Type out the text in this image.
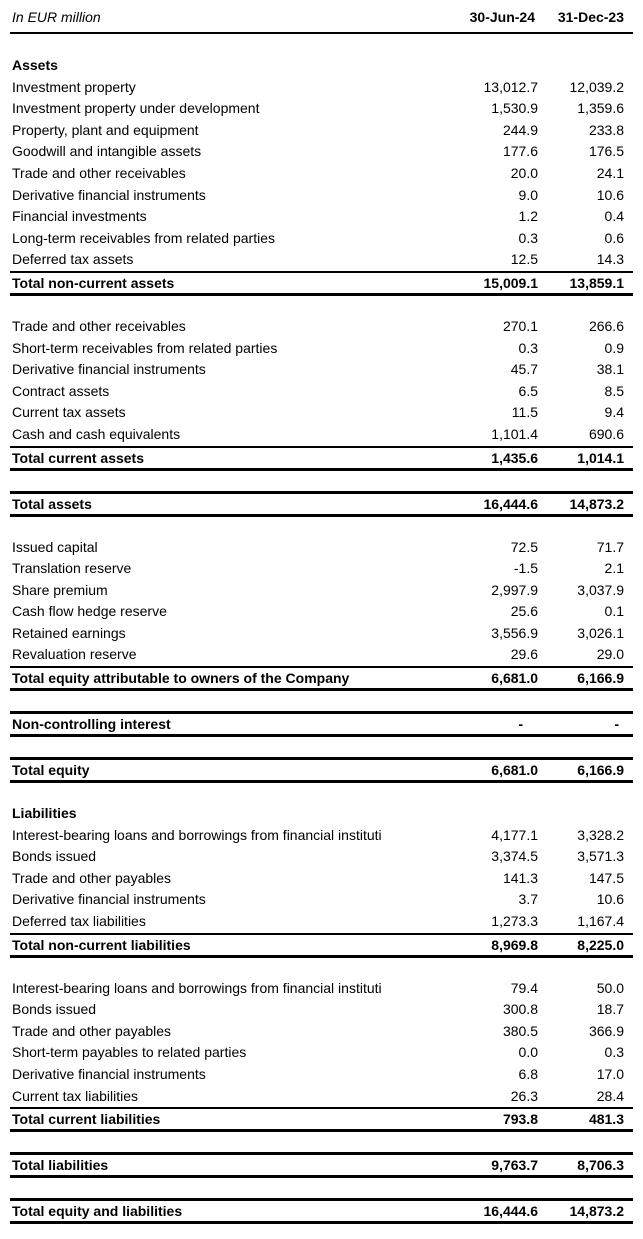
In EUR million	30-Jun-24 31-Dec-23
Assets
Investment property	13,012.7	12,039.2
Investment property under development	1,530.9	1,359.6
Property, plant and equipment	244.9	233.8
Goodwill and intangible assets	177.6	176.5
Trade and other receivables	20.0	24.1
Derivative financial instruments	9.0	10.6
Financial investments	1.2	0.4
Long-term receivables from related parties	0.3	0.6
Deferred tax assets	12.5	14.3
Total non-current assets	15,009.1	13,859.1
Trade and other receivables	270.1	266.6
Short-term receivables from related parties	0.3	0.9
Derivative financial instruments	45.7	38.1
Contract assets	6.5	8.5
Current tax assets	11.5	9.4
Cash and cash equivalents	1,101.4	690.6
Total current assets	1,435.6	1,014.1
Total assets	16,444.6	14,873.2
Issued capital	72.5	71.7
Translation reserve	-1.5	2.1
Share premium	2,997.9	3,037.9
Cash flow hedge reserve	25.6	0.1
Retained earnings	3,556.9	3,026.1
Revaluation reserve	29.6	29.0
Total equity attributable to owners of the Company	6,681.0	6,166.9
Non-controlling interest	-	-
Total equity	6,681.0	6,166.9
Liabilities
Interest-bearing loans and borrowings from financial instituti	4,177.1	3,328.2
Bonds issued	3,374.5	3,571.3
Trade and other payables	141.3	147.5
Derivative financial instruments	3.7	10.6
Deferred tax liabilities	1,273.3	1,167.4
Total non-current liabilities	8,969.8	8,225.0
Interest-bearing loans and borrowings from financial instituti	79.4	50.0
Bonds issued	300.8	18.7
Trade and other payables	380.5	366.9
Short-term payables to related parties	0.0	0.3
Derivative financial instruments	6.8	17.0
Current tax liabilities	26.3	28.4
Total current liabilities	793.8	481.3
Total liabilities	9,763.7	8,706.3
Total equity and liabilities	16,444.6	14,873.2
